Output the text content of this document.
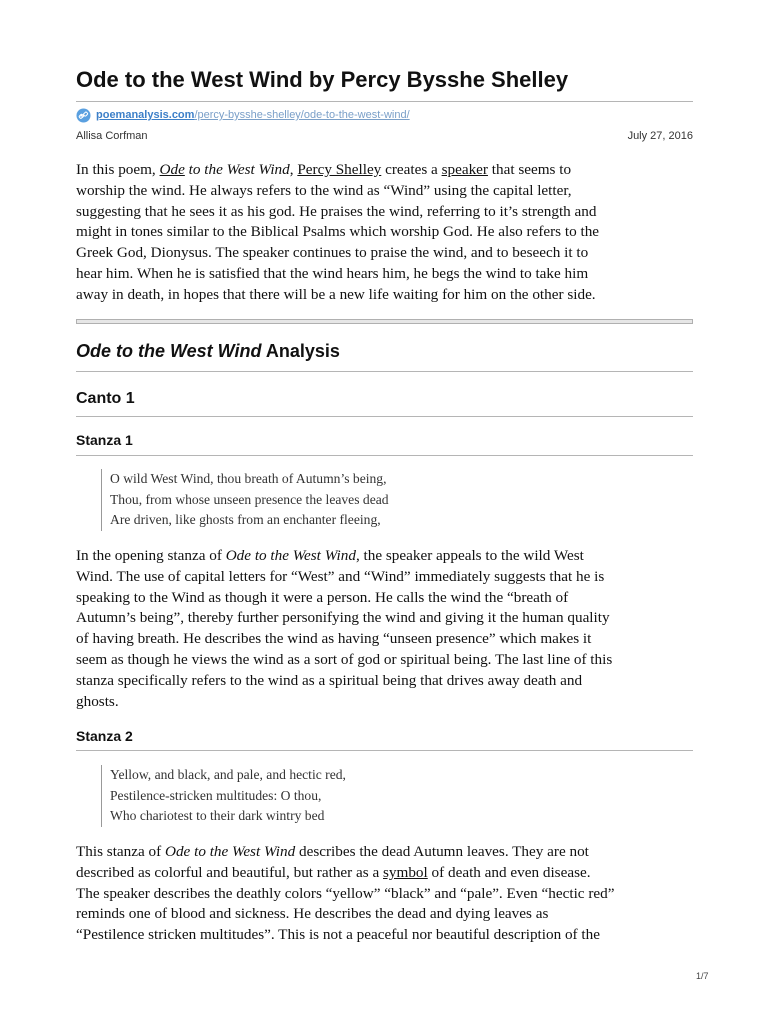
Ode to the West Wind by Percy Bysshe Shelley
poemanalysis.com /percy-bysshe-shelley/ode-to-the-west-wind/
Allisa Corfman	July 27, 2016

In this poem, Ode to the West Wind, Percy Shelley creates a speaker that seems to
worship the wind. He always refers to the wind as “Wind” using the capital letter,
suggesting that he sees it as his god. He praises the wind, referring to it’s strength and
might in tones similar to the Biblical Psalms which worship God. He also refers to the
Greek God, Dionysus. The speaker continues to praise the wind, and to beseech it to
hear him. When he is satisfied that the wind hears him, he begs the wind to take him
away in death, in hopes that there will be a new life waiting for him on the other side.

Ode to the West Wind Analysis
Canto 1
Stanza 1
O wild West Wind, thou breath of Autumn’s being,
Thou, from whose unseen presence the leaves dead
Are driven, like ghosts from an enchanter fleeing,

In the opening stanza of Ode to the West Wind, the speaker appeals to the wild West
Wind. The use of capital letters for “West” and “Wind” immediately suggests that he is
speaking to the Wind as though it were a person. He calls the wind the “breath of
Autumn’s being”, thereby further personifying the wind and giving it the human quality
of having breath. He describes the wind as having “unseen presence” which makes it
seem as though he views the wind as a sort of god or spiritual being. The last line of this
stanza specifically refers to the wind as a spiritual being that drives away death and
ghosts.

Stanza 2
Yellow, and black, and pale, and hectic red,
Pestilence-stricken multitudes: O thou,
Who chariotest to their dark wintry bed

This stanza of Ode to the West Wind describes the dead Autumn leaves. They are not
described as colorful and beautiful, but rather as a symbol of death and even disease.
The speaker describes the deathly colors “yellow” “black” and “pale”. Even “hectic red”
reminds one of blood and sickness. He describes the dead and dying leaves as
“Pestilence stricken multitudes”. This is not a peaceful nor beautiful description of the

1/7
